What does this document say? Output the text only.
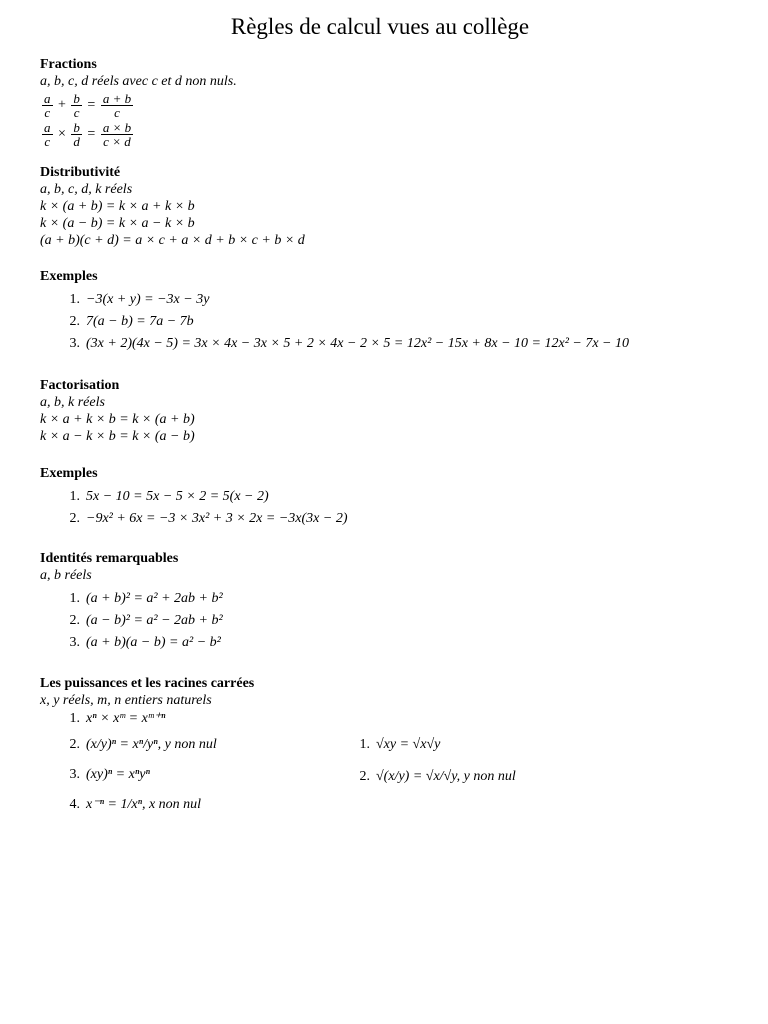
Règles de calcul vues au collège
Fractions
a, b, c, d réels avec c et d non nuls.
$\frac{a}{c} + \frac{b}{c} = \frac{a + b}{c}$
$\frac{a}{c} \times \frac{b}{d} = \frac{a \times b}{c \times d}$
Distributivité
a, b, c, d, k réels
k × (a + b) = k × a + k × b
k × (a − b) = k × a − k × b
(a + b)(c + d) = a × c + a × d + b × c + b × d
Exemples
1. −3(x + y) = −3x − 3y
2. 7(a − b) = 7a − 7b
3. (3x + 2)(4x − 5) = 3x × 4x − 3x × 5 + 2 × 4x − 2 × 5 = 12x² − 15x + 8x − 10 = 12x² − 7x − 10
Factorisation
a, b, k réels
k × a + k × b = k × (a + b)
k × a − k × b = k × (a − b)
Exemples
1. 5x − 10 = 5x − 5 × 2 = 5(x − 2)
2. −9x² + 6x = −3 × 3x² + 3 × 2x = −3x(3x − 2)
Identités remarquables
a, b réels
1. (a + b)² = a² + 2ab + b²
2. (a − b)² = a² − 2ab + b²
3. (a + b)(a − b) = a² − b²
Les puissances et les racines carrées
x, y réels, m, n entiers naturels
1. xⁿ × xᵐ = xᵐ⁺ⁿ
2. (x/y)ⁿ = xⁿ/yⁿ, y non nul
3. (xy)ⁿ = xⁿyⁿ
4. x⁻ⁿ = 1/xⁿ, x non nul
1. √xy = √x√y
2. √(x/y) = √x/√y, y non nul
